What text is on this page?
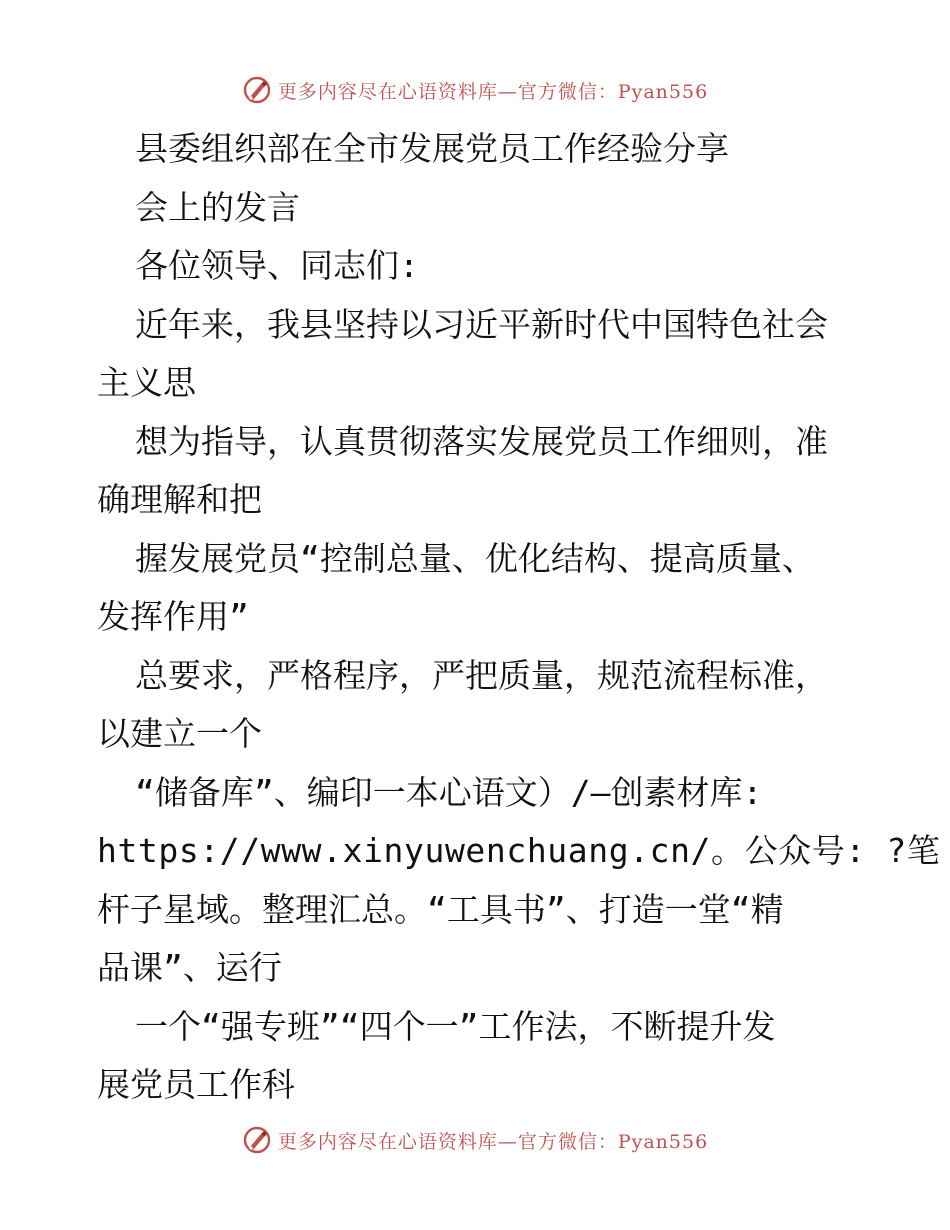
更多内容尽在心语资料库—官方微信：Pyan556
县委组织部在全市发展党员工作经验分享
会上的发言
各位领导、同志们:
近年来，我县坚持以习近平新时代中国特色社会
主义思
想为指导，认真贯彻落实发展党员工作细则，准
确理解和把
握发展党员“控制总量、优化结构、提高质量、
发挥作用”
总要求，严格程序，严把质量，规范流程标准，
以建立一个
“储备库”、编印一本心语文）/—创素材库:
https://www.xinyuwenchuang.cn/。公众号: ?笔
杆子星域。整理汇总。“工具书”、打造一堂“精
品课”、运行
一个“强专班”“四个一”工作法，不断提升发
展党员工作科
更多内容尽在心语资料库—官方微信：Pyan556
